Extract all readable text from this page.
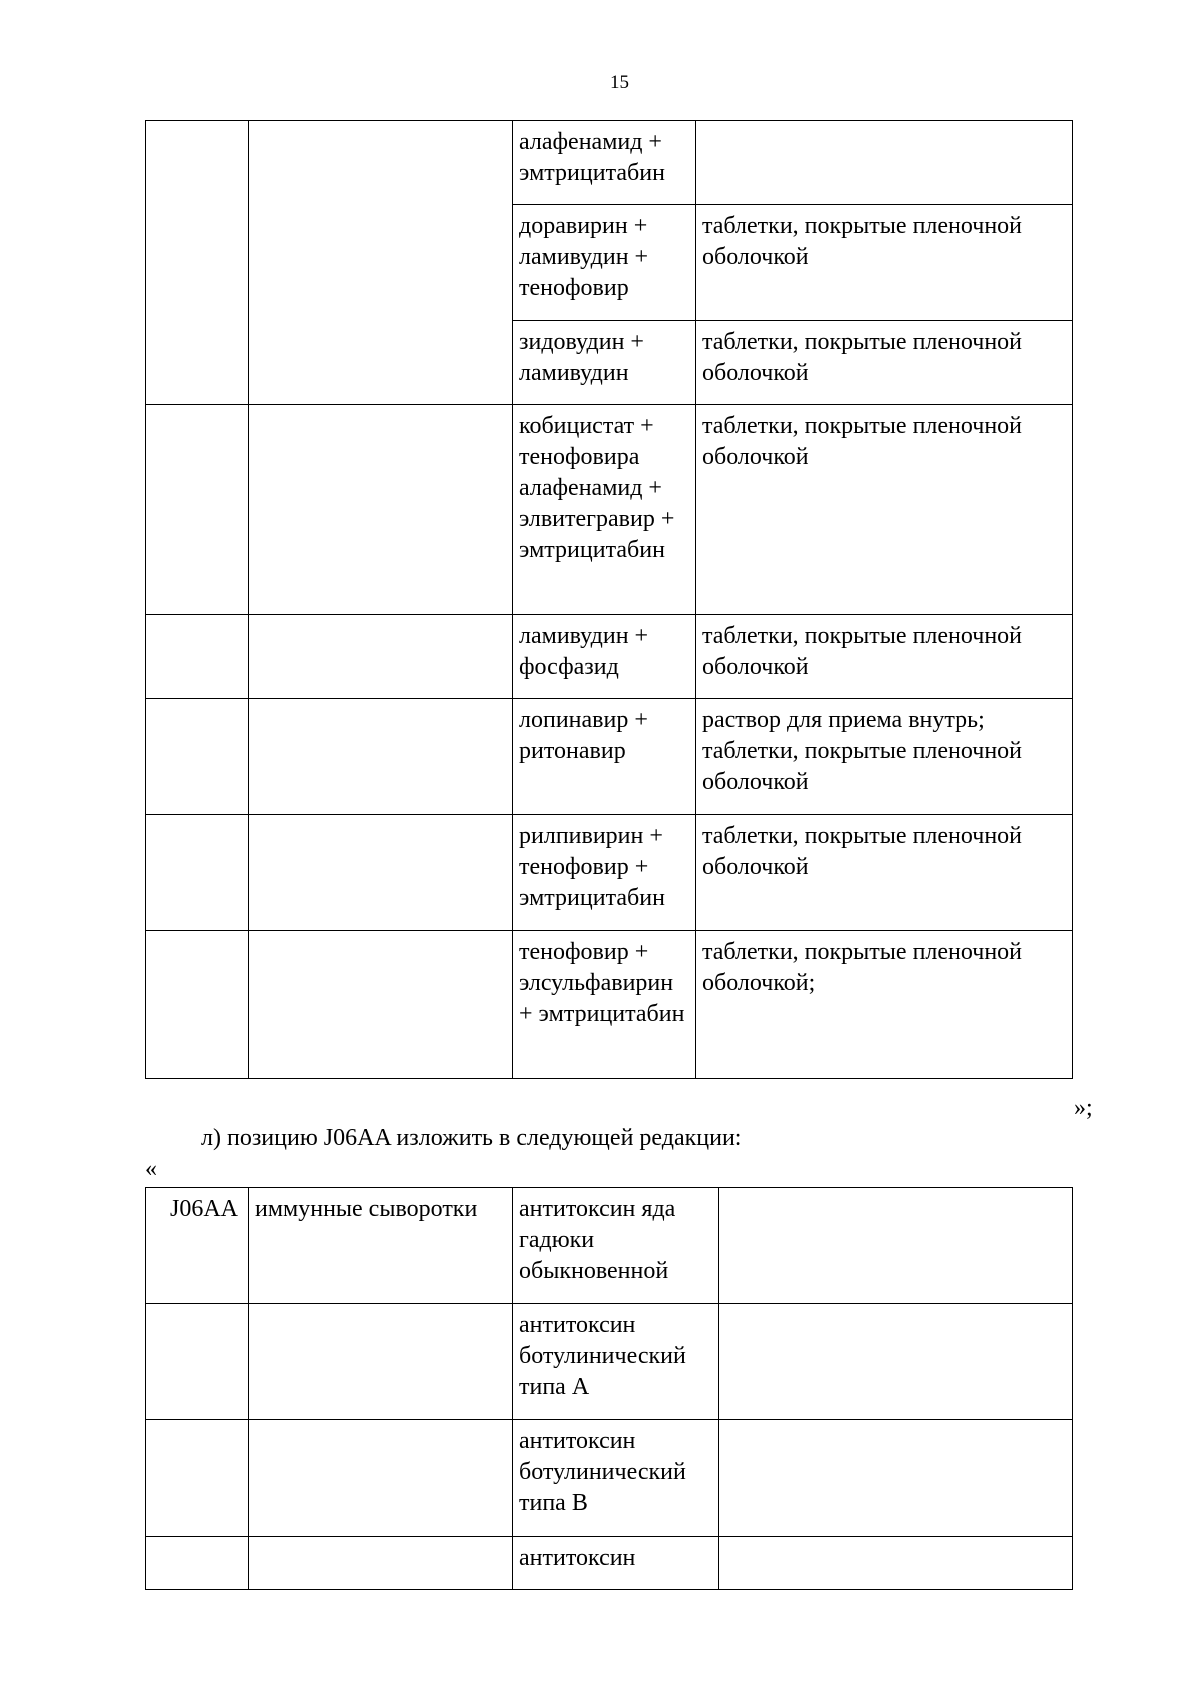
15
		алафенамид + эмтрицитабин	
		доравирин + ламивудин + тенофовир	таблетки, покрытые пленочной оболочкой
		зидовудин + ламивудин	таблетки, покрытые пленочной оболочкой
		кобицистат + тенофовира алафенамид + элвитегравир + эмтрицитабин	таблетки, покрытые пленочной оболочкой
		ламивудин + фосфазид	таблетки, покрытые пленочной оболочкой
		лопинавир + ритонавир	раствор для приема внутрь; таблетки, покрытые пленочной оболочкой
		рилпивирин + тенофовир + эмтрицитабин	таблетки, покрытые пленочной оболочкой
		тенофовир + элсульфавирин + эмтрицитабин	таблетки, покрытые пленочной оболочкой;
»;
л) позицию J06AA изложить в следующей редакции:
«
J06AA	иммунные сыворотки	антитоксин яда гадюки обыкновенной	
		антитоксин ботулинический типа A	
		антитоксин ботулинический типа B	
		антитоксин	
